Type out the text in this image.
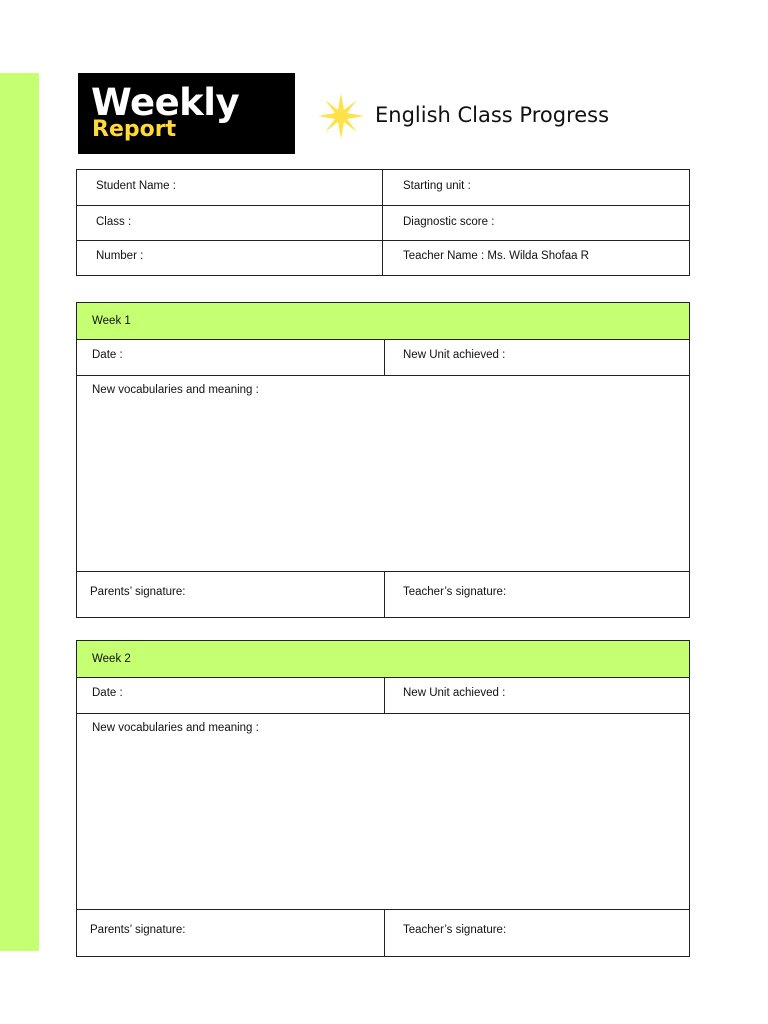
Weekly
Report
English Class Progress
Student Name :	Starting unit :
Class :	Diagnostic score :
Number :	Teacher Name : Ms. Wilda Shofaa R
Week 1
Date :	New Unit achieved :
New vocabularies and meaning :
Parents’ signature:	Teacher’s signature:
Week 2
Date :	New Unit achieved :
New vocabularies and meaning :
Parents’ signature:	Teacher’s signature:
